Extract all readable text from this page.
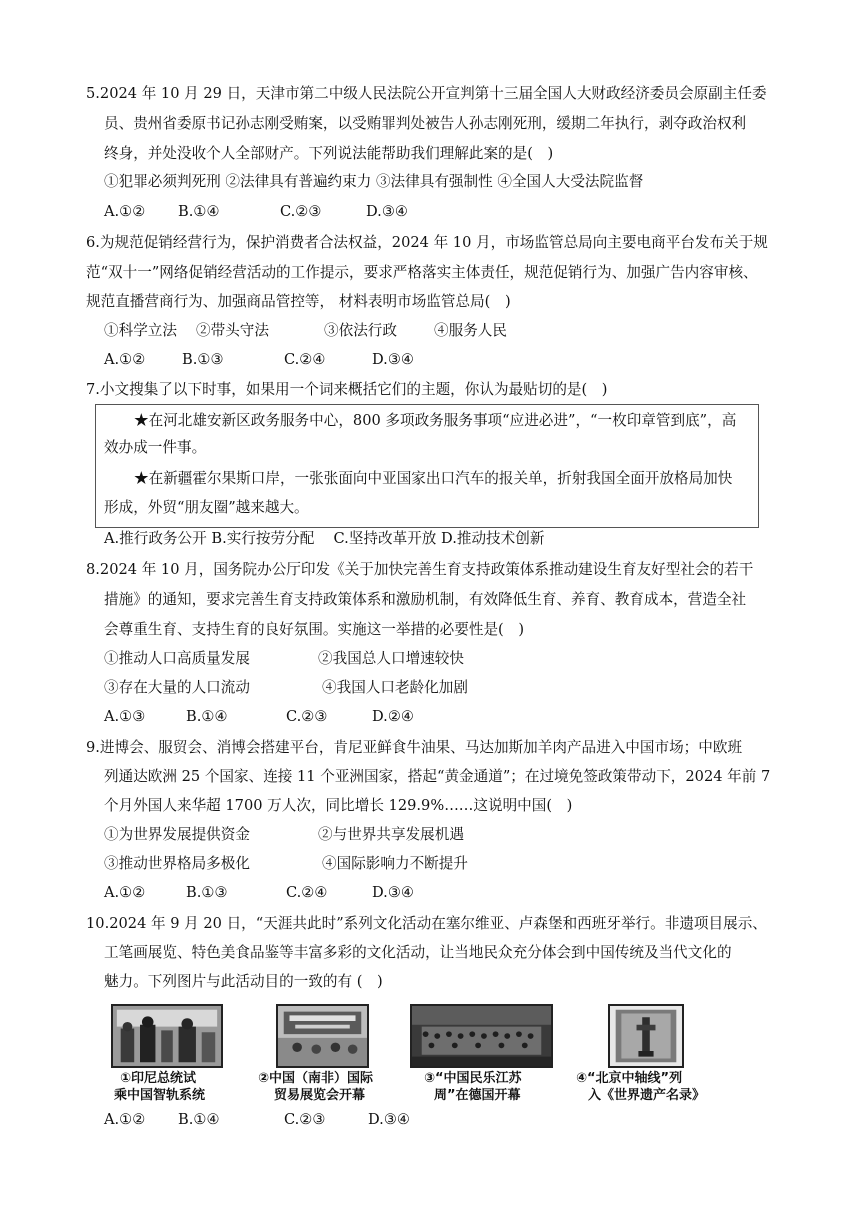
5.2024 年 10 月 29 日，天津市第二中级人民法院公开宣判第十三届全国人大财政经济委员会原副主任委
员、贵州省委原书记孙志刚受贿案，以受贿罪判处被告人孙志刚死刑，缓期二年执行，剥夺政治权利
终身，并处没收个人全部财产。下列说法能帮助我们理解此案的是(　)
①犯罪必须判死刑 ②法律具有普遍约束力 ③法律具有强制性 ④全国人大受法院监督
A.①② B.①④	C.②③	D.③④
6.为规范促销经营行为，保护消费者合法权益，2024 年 10 月，市场监管总局向主要电商平台发布关于规
范“双十一”网络促销经营活动的工作提示，要求严格落实主体责任，规范促销行为、加强广告内容审核、
规范直播营商行为、加强商品管控等， 材料表明市场监管总局(　)
①科学立法 ②带头守法	③依法行政	④服务人民
A.①②	B.①③	C.②④	D.③④
7.小文搜集了以下时事，如果用一个词来概括它们的主题，你认为最贴切的是(　)
★在河北雄安新区政务服务中心，800 多项政务服务事项“应进必进”，“一枚印章管到底”，高
效办成一件事。
★在新疆霍尔果斯口岸，一张张面向中亚国家出口汽车的报关单，折射我国全面开放格局加快
形成，外贸“朋友圈”越来越大。
A.推行政务公开 B.实行按劳分配　 C.坚持改革开放 D.推动技术创新
8.2024 年 10 月，国务院办公厅印发《关于加快完善生育支持政策体系推动建设生育友好型社会的若干
措施》的通知，要求完善生育支持政策体系和激励机制，有效降低生育、养育、教育成本，营造全社
会尊重生育、支持生育的良好氛围。实施这一举措的必要性是(　)
①推动人口高质量发展	②我国总人口增速较快
③存在大量的人口流动	④我国人口老龄化加剧
A.①③	B.①④	C.②③	D.②④
9.进博会、服贸会、消博会搭建平台，肯尼亚鲜食牛油果、马达加斯加羊肉产品进入中国市场；中欧班
列通达欧洲 25 个国家、连接 11 个亚洲国家，搭起“黄金通道”；在过境免签政策带动下，2024 年前 7
个月外国人来华超 1700 万人次，同比增长 129.9%……这说明中国(　)
①为世界发展提供资金	②与世界共享发展机遇
③推动世界格局多极化	④国际影响力不断提升
A.①②	B.①③	C.②④	D.③④
10.2024 年 9 月 20 日，“天涯共此时”系列文化活动在塞尔维亚、卢森堡和西班牙举行。非遗项目展示、
工笔画展览、特色美食品鉴等丰富多彩的文化活动，让当地民众充分体会到中国传统及当代文化的
魅力。下列图片与此活动目的一致的有 (　)
①印尼总统试
乘中国智轨系统
②中国（南非）国际
贸易展览会开幕
③“中国民乐江苏
周”在德国开幕
④“北京中轴线”列
入《世界遗产名录》
A.①② B.①④	C.②③	D.③④
